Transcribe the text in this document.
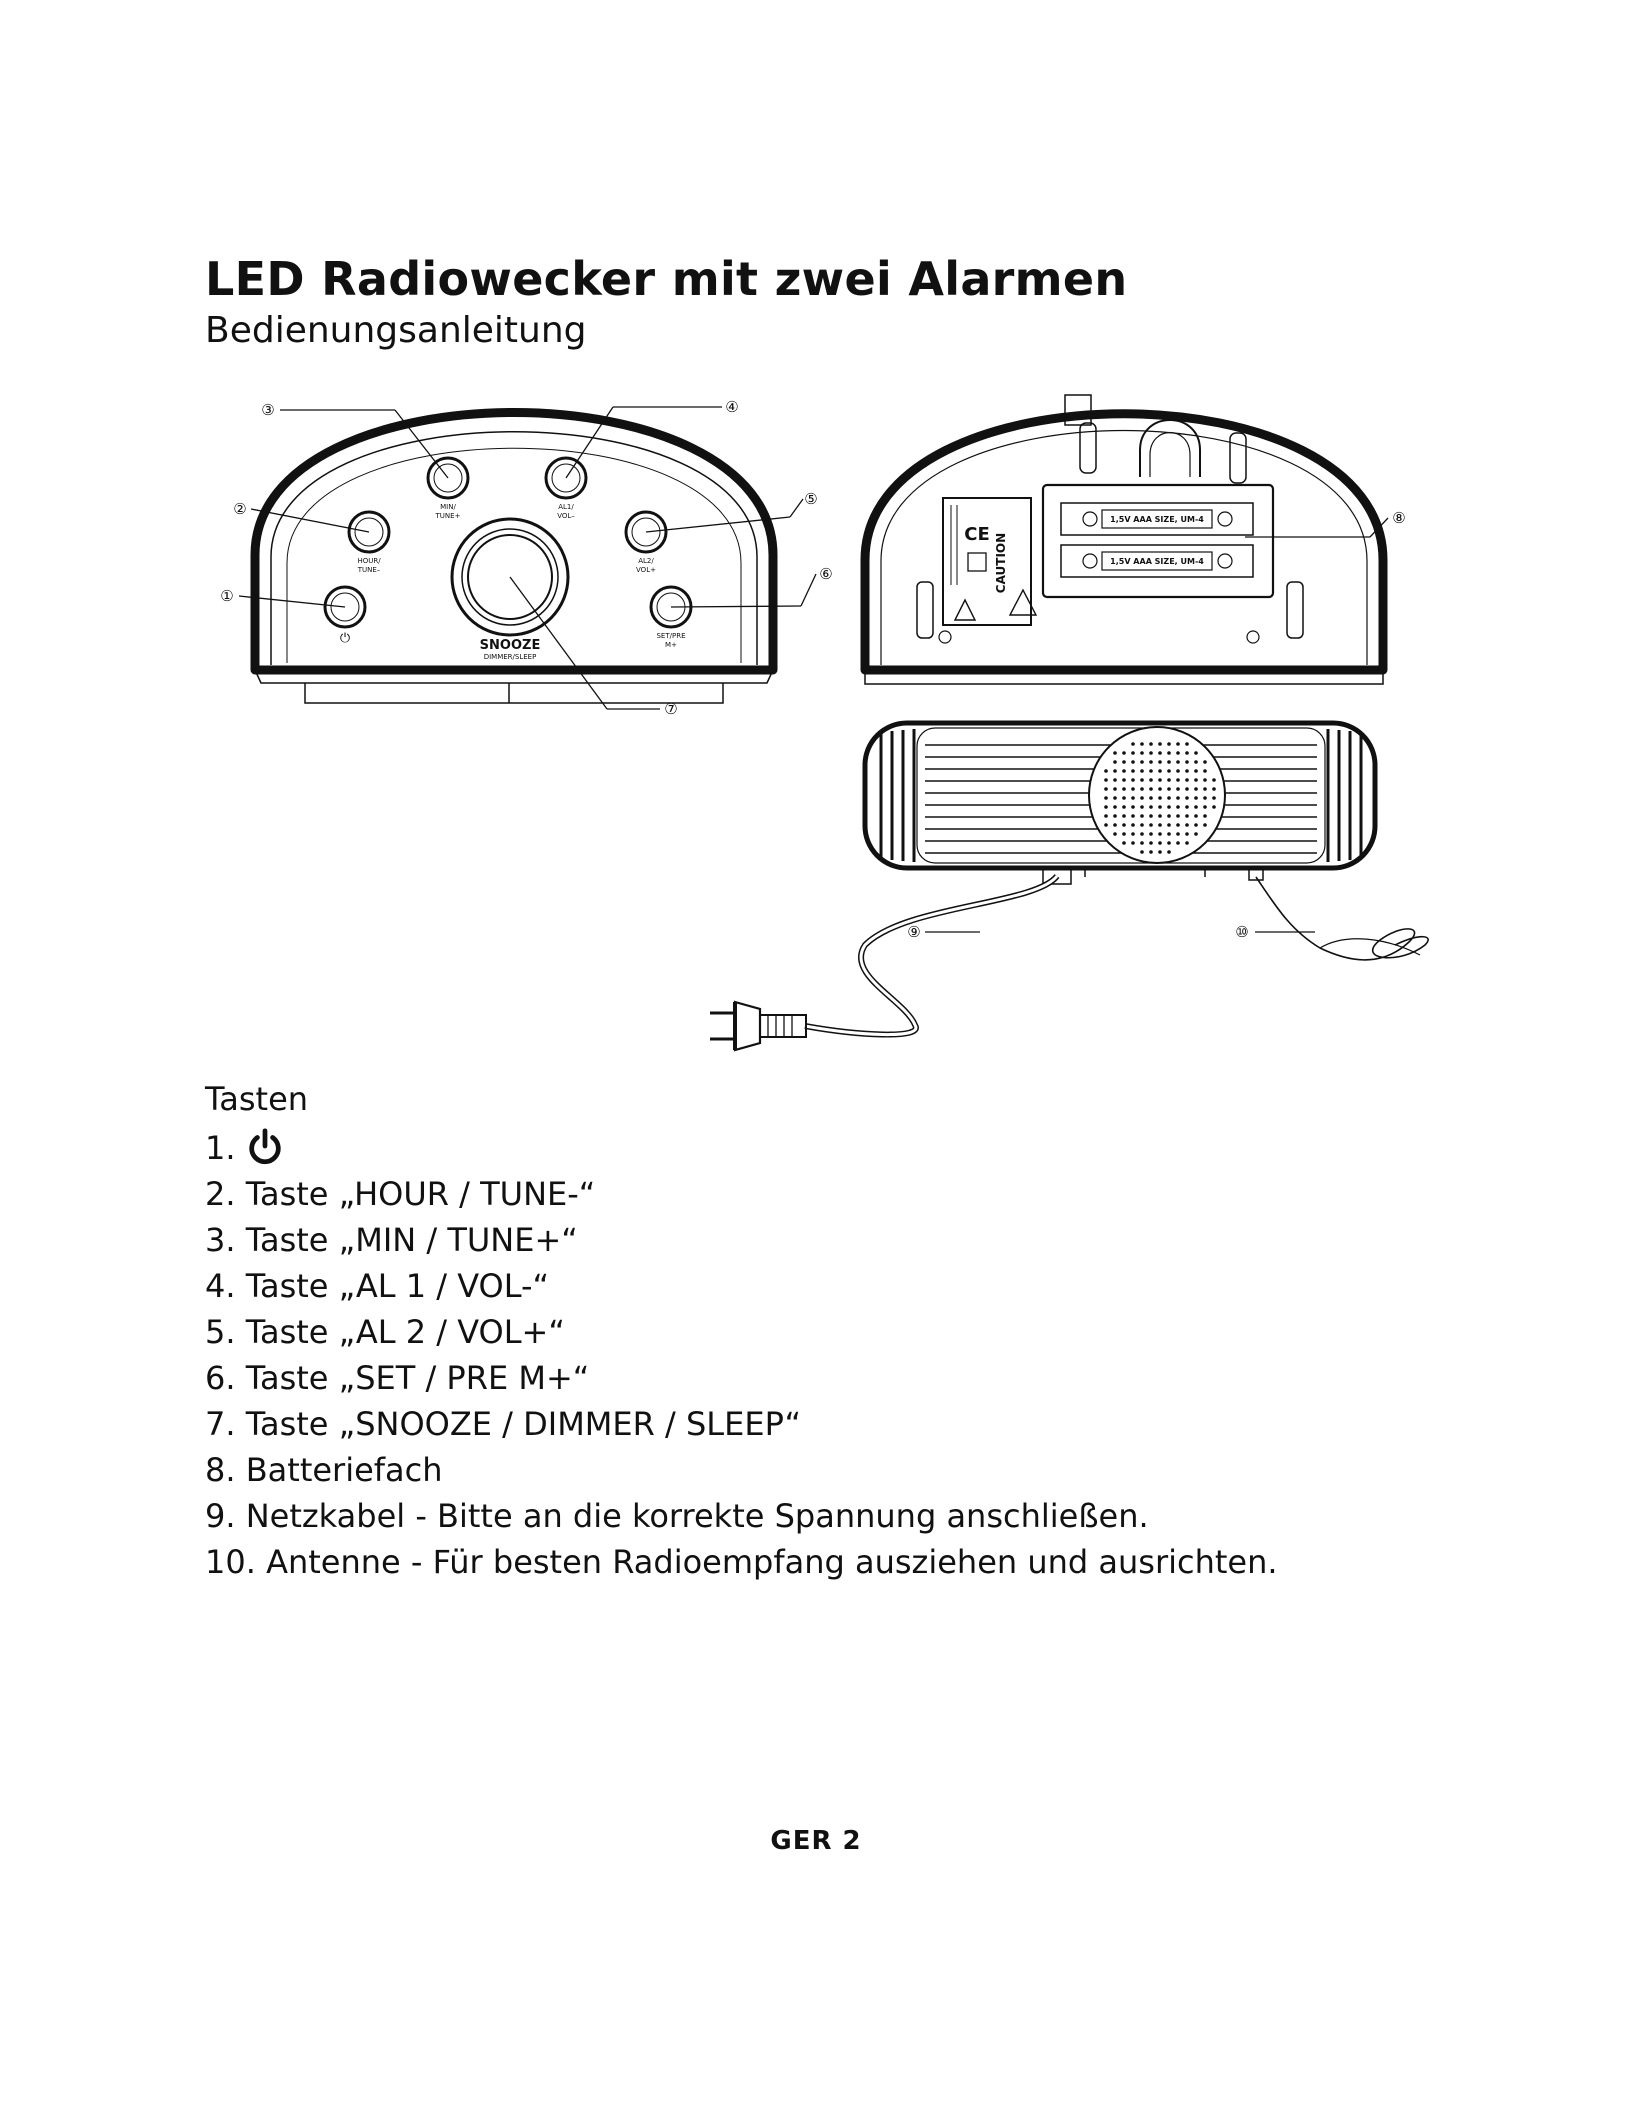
LED Radiowecker mit zwei Alarmen
Bedienungsanleitung
MIN/
TUNE+
AL1/
VOL–
HOUR/
TUNE–
AL2/
VOL+
⏻	SET/PRE
M+
SNOOZE
DIMMER/SLEEP
1,5V AAA SIZE, UM-4
1,5V AAA SIZE, UM-4
CAUTION
CE
③	④
②
⑤
①
⑥
⑦
⑧
⑨	⑩

Tasten

1.
2. Taste „HOUR / TUNE-“
3. Taste „MIN / TUNE+“
4. Taste „AL 1 / VOL-“
5. Taste „AL 2 / VOL+“
6. Taste „SET / PRE M+“
7. Taste „SNOOZE / DIMMER / SLEEP“
8. Batteriefach
9. Netzkabel - Bitte an die korrekte Spannung anschließen.
10. Antenne - Für besten Radioempfang ausziehen und ausrichten.
GER 2
